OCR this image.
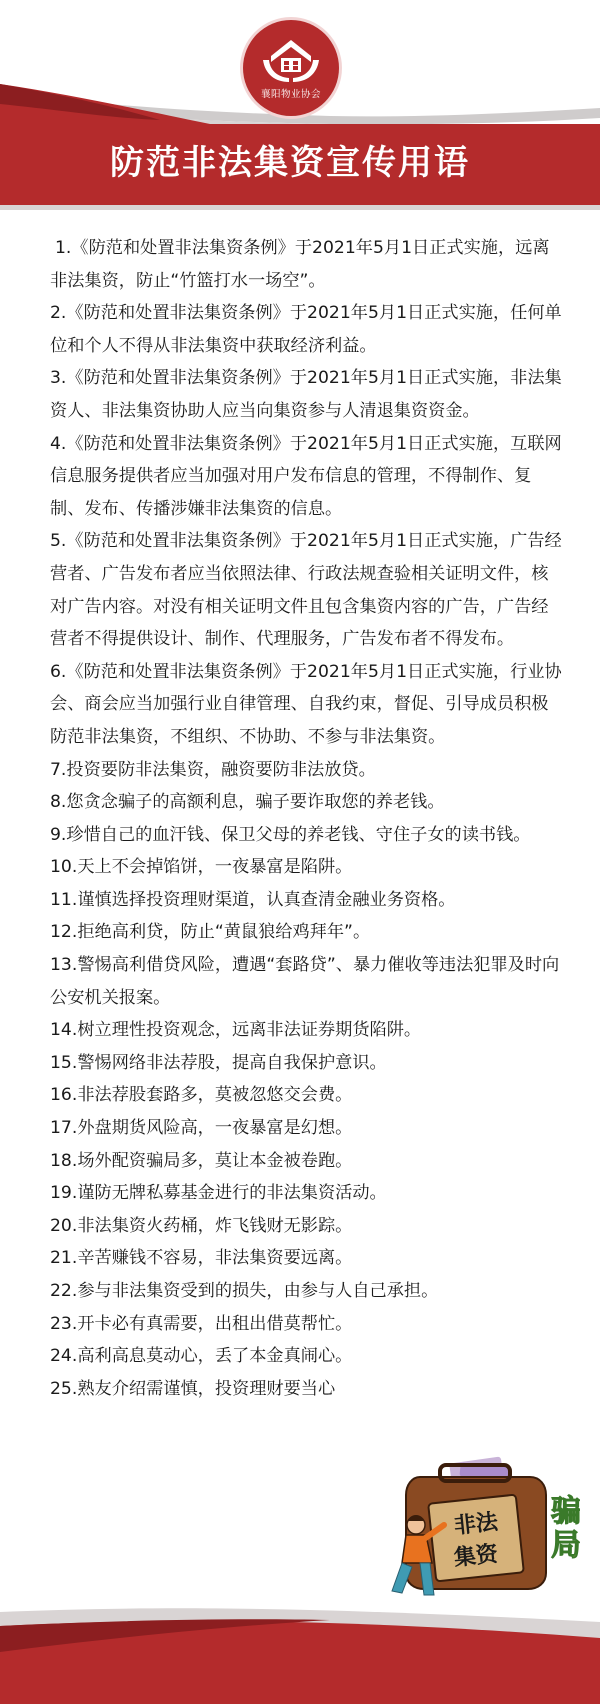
襄阳物业协会
防范非法集资宣传用语
1.《防范和处置非法集资条例》于2021年5月1日正式实施，远离非法集资，防止“竹篮打水一场空”。
2.《防范和处置非法集资条例》于2021年5月1日正式实施，任何单位和个人不得从非法集资中获取经济利益。
3.《防范和处置非法集资条例》于2021年5月1日正式实施，非法集资人、非法集资协助人应当向集资参与人清退集资资金。
4.《防范和处置非法集资条例》于2021年5月1日正式实施，互联网信息服务提供者应当加强对用户发布信息的管理，不得制作、复制、发布、传播涉嫌非法集资的信息。
5.《防范和处置非法集资条例》于2021年5月1日正式实施，广告经营者、广告发布者应当依照法律、行政法规查验相关证明文件，核对广告内容。对没有相关证明文件且包含集资内容的广告，广告经营者不得提供设计、制作、代理服务，广告发布者不得发布。
6.《防范和处置非法集资条例》于2021年5月1日正式实施，行业协会、商会应当加强行业自律管理、自我约束，督促、引导成员积极防范非法集资，不组织、不协助、不参与非法集资。
7.投资要防非法集资，融资要防非法放贷。
8.您贪念骗子的高额利息，骗子要诈取您的养老钱。
9.珍惜自己的血汗钱、保卫父母的养老钱、守住子女的读书钱。
10.天上不会掉馅饼，一夜暴富是陷阱。
11.谨慎选择投资理财渠道，认真查清金融业务资格。
12.拒绝高利贷，防止“黄鼠狼给鸡拜年”。
13.警惕高利借贷风险，遭遇“套路贷”、暴力催收等违法犯罪及时向公安机关报案。
14.树立理性投资观念，远离非法证券期货陷阱。
15.警惕网络非法荐股，提高自我保护意识。
16.非法荐股套路多，莫被忽悠交会费。
17.外盘期货风险高，一夜暴富是幻想。
18.场外配资骗局多，莫让本金被卷跑。
19.谨防无牌私募基金进行的非法集资活动。
20.非法集资火药桶，炸飞钱财无影踪。
21.辛苦赚钱不容易，非法集资要远离。
22.参与非法集资受到的损失，由参与人自己承担。
23.开卡必有真需要，出租出借莫帮忙。
24.高利高息莫动心，丢了本金真闹心。
25.熟友介绍需谨慎，投资理财要当心
非法
集资
骗
局
